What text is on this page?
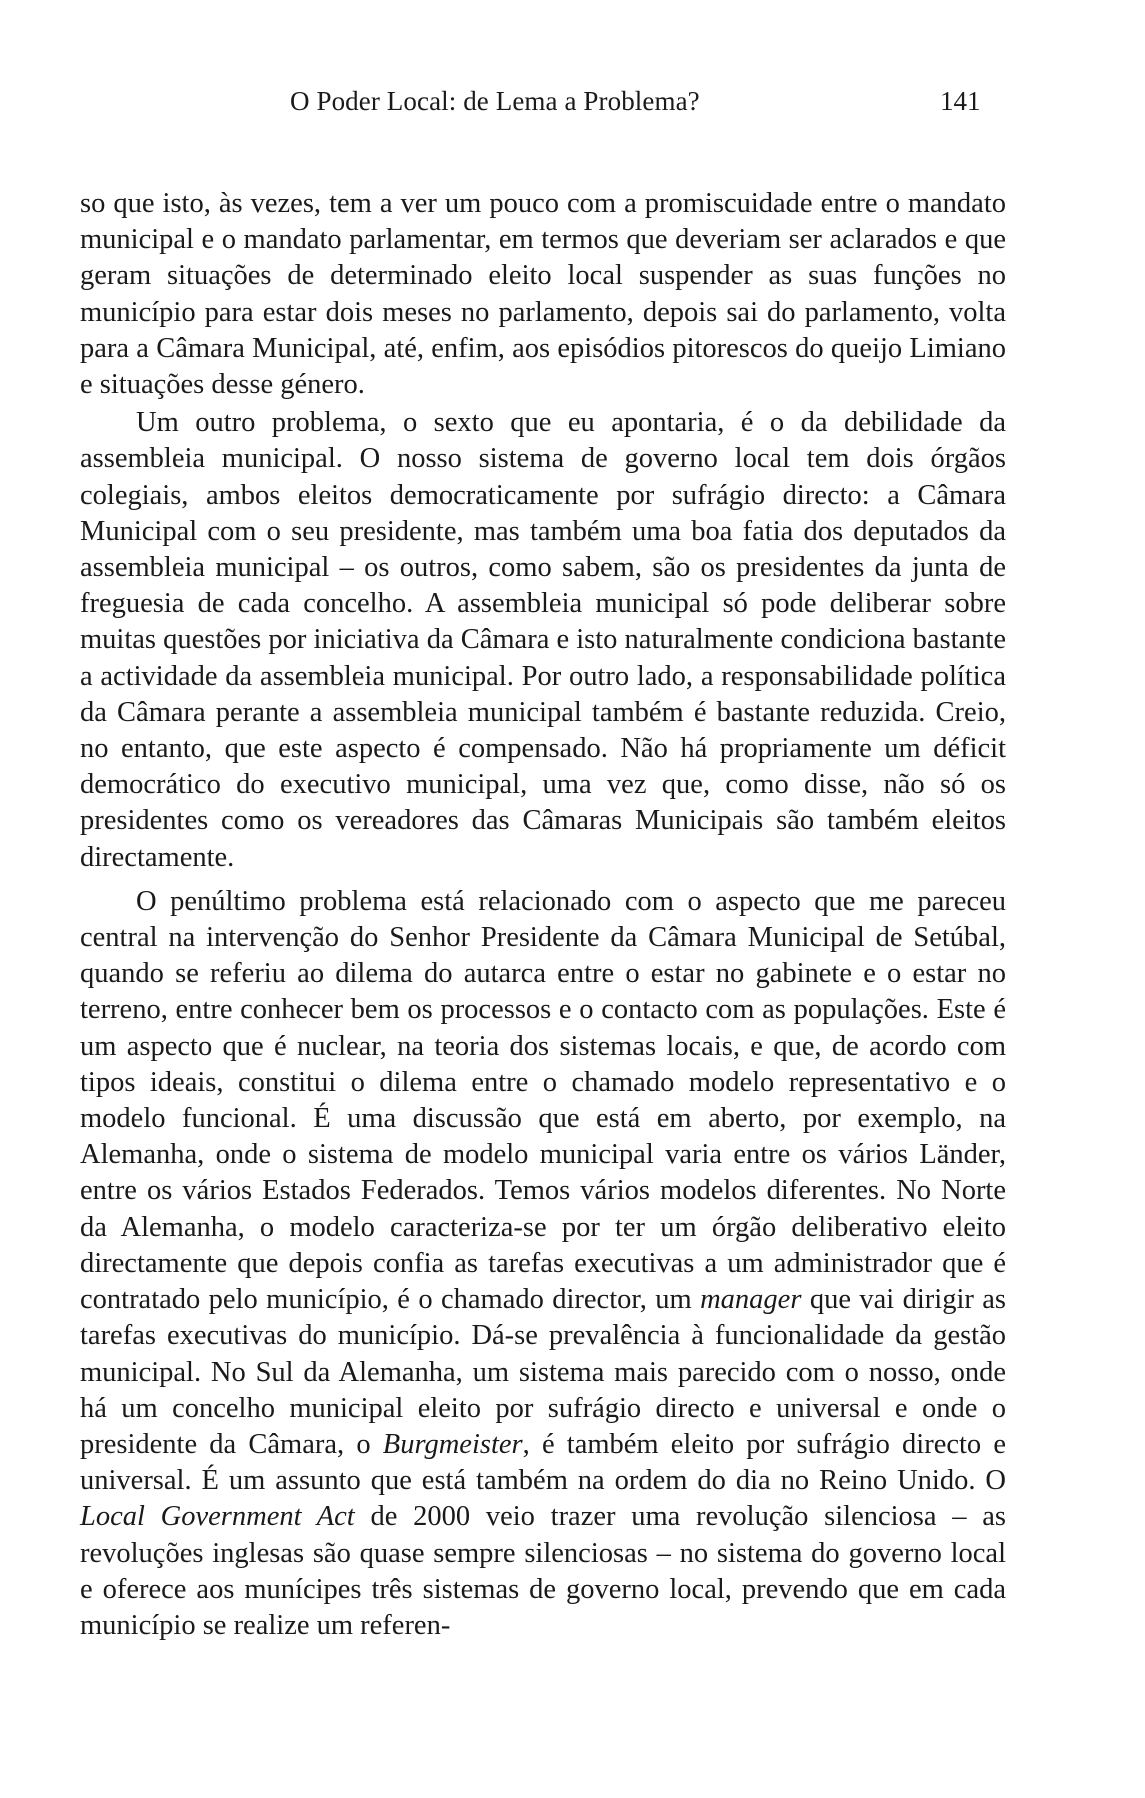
O Poder Local: de Lema a Problema?	141

so que isto, às vezes, tem a ver um pouco com a promiscuidade entre o mandato municipal e o mandato parlamentar, em termos que deveriam ser aclarados e que geram situações de determinado eleito local suspender as suas funções no município para estar dois meses no parlamento, depois sai do parlamento, volta para a Câmara Municipal, até, enfim, aos episódios pitorescos do queijo Limiano e situações desse género.

Um outro problema, o sexto que eu apontaria, é o da debilidade da assembleia municipal. O nosso sistema de governo local tem dois órgãos colegiais, ambos eleitos democraticamente por sufrágio directo: a Câmara Municipal com o seu presidente, mas também uma boa fatia dos deputados da assembleia municipal – os outros, como sabem, são os presidentes da junta de freguesia de cada concelho. A assembleia municipal só pode deliberar sobre muitas questões por iniciativa da Câmara e isto naturalmente condiciona bastante a actividade da assembleia municipal. Por outro lado, a responsabilidade política da Câmara perante a assembleia municipal também é bastante reduzida. Creio, no entanto, que este aspecto é compensado. Não há propriamente um déficit democrático do executivo municipal, uma vez que, como disse, não só os presidentes como os vereadores das Câmaras Municipais são também eleitos directamente.

O penúltimo problema está relacionado com o aspecto que me pareceu central na intervenção do Senhor Presidente da Câmara Municipal de Setúbal, quando se referiu ao dilema do autarca entre o estar no gabinete e o estar no terreno, entre conhecer bem os processos e o contacto com as populações. Este é um aspecto que é nuclear, na teoria dos sistemas locais, e que, de acordo com tipos ideais, constitui o dilema entre o chamado modelo representativo e o modelo funcional. É uma discussão que está em aberto, por exemplo, na Alemanha, onde o sistema de modelo municipal varia entre os vários Länder, entre os vários Estados Federados. Temos vários modelos diferentes. No Norte da Alemanha, o modelo caracteriza-se por ter um órgão deliberativo eleito directamente que depois confia as tarefas executivas a um administrador que é contratado pelo município, é o chamado director, um manager que vai dirigir as tarefas executivas do município. Dá-se prevalência à funcionalidade da gestão municipal. No Sul da Alemanha, um sistema mais parecido com o nosso, onde há um concelho municipal eleito por sufrágio directo e universal e onde o presidente da Câmara, o Burgmeister, é também eleito por sufrágio directo e universal. É um assunto que está também na ordem do dia no Reino Unido. O Local Government Act de 2000 veio trazer uma revolução silenciosa – as revoluções inglesas são quase sempre silenciosas – no sistema do governo local e oferece aos munícipes três sistemas de governo local, prevendo que em cada município se realize um referen-
